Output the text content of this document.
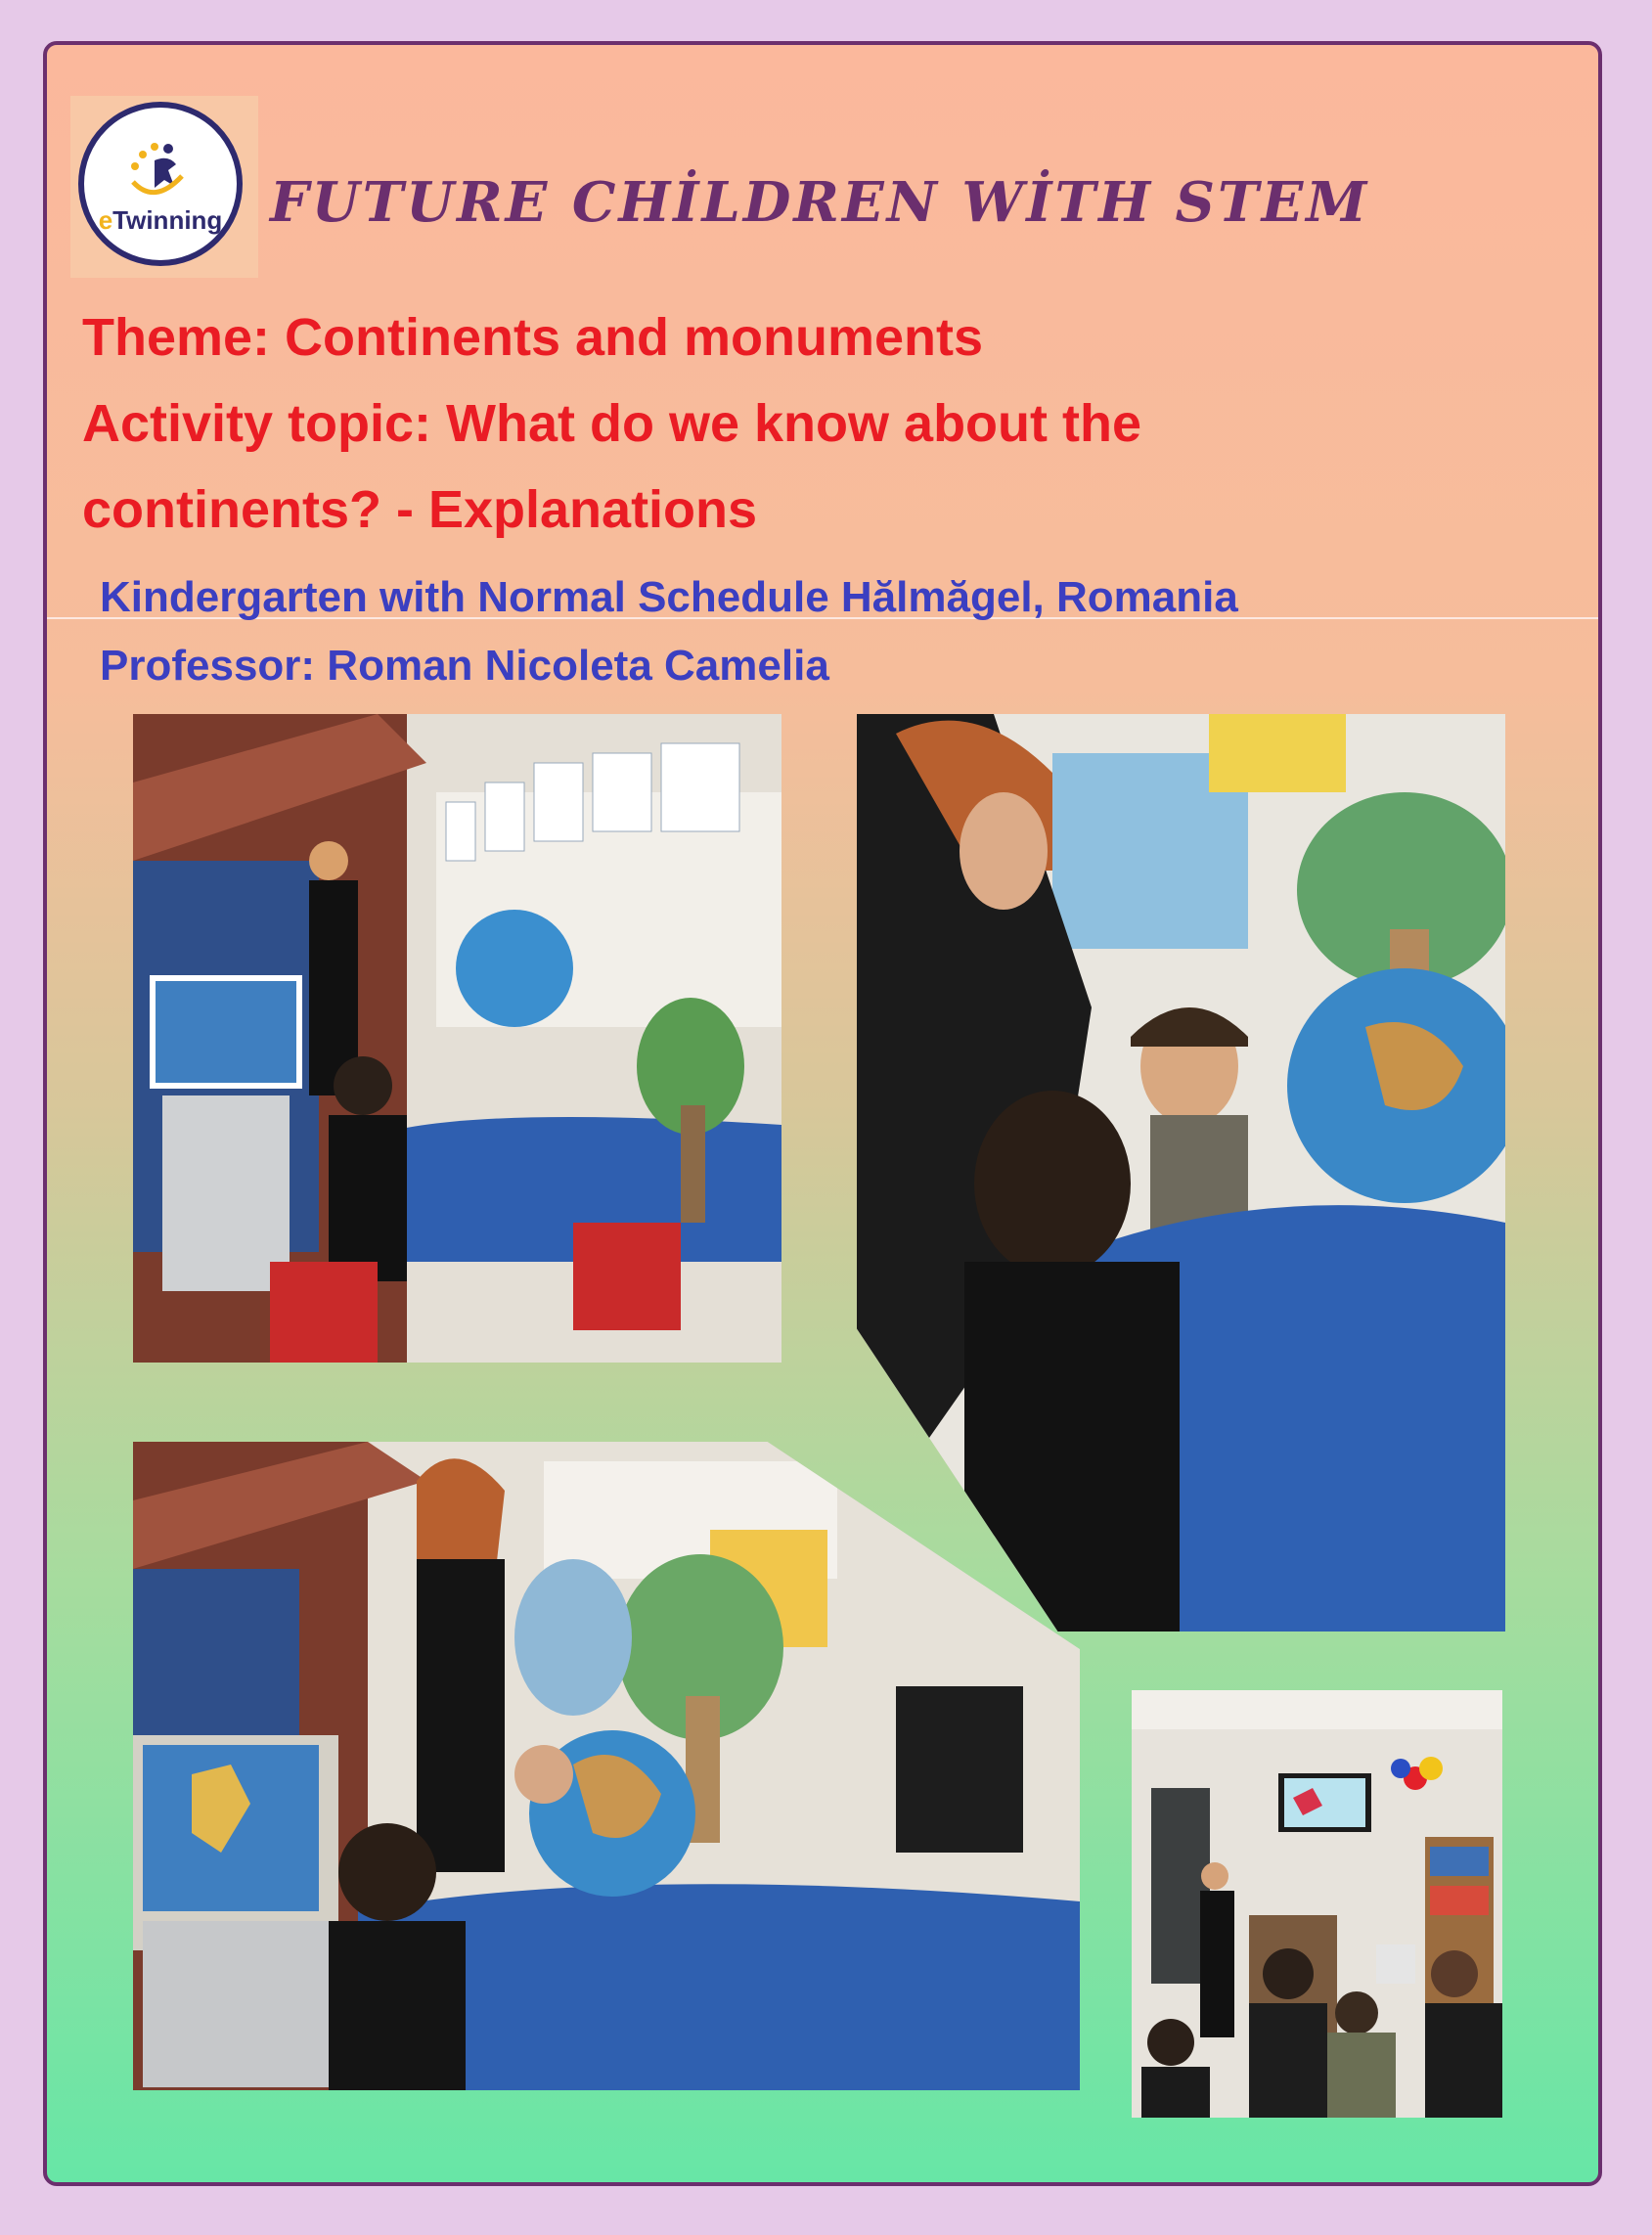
eTwinning FUTURE CHİLDREN WİTH STEM
Theme: Continents and monuments
Activity topic: What do we know about the
continents? - Explanations
Kindergarten with Normal Schedule Hălmăgel, Romania
Professor: Roman Nicoleta Camelia
